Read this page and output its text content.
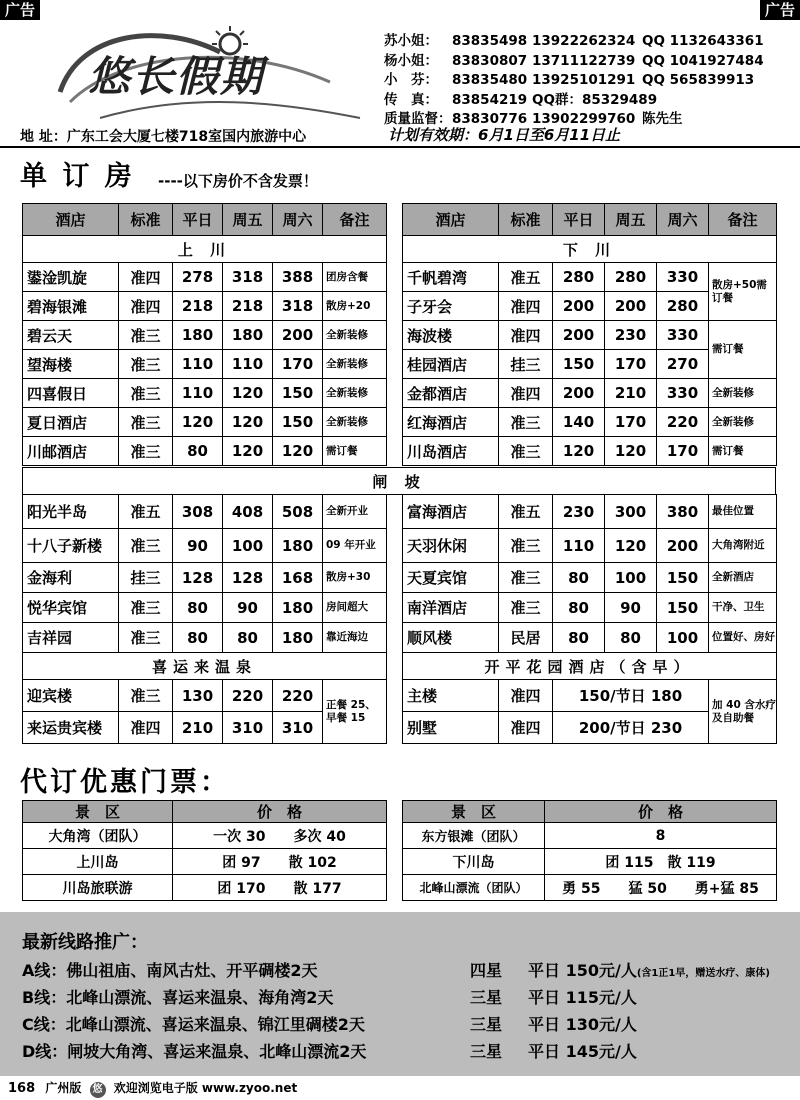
广告	广告
悠长假期
苏小姐：	83835498 13922262324 QQ 1132643361
杨小姐：	83830807 13711122739 QQ 1041927484
小　芬：	83835480 13925101291 QQ 565839913
传　真：	83854219 QQ群：85329489
质量监督： 83830776 13902299760 陈先生
地 址：广东工会大厦七楼718室国内旅游中心	计划有效期：6月1日至6月11日止
单 订 房 ----以下房价不含发票！
酒店	标准	平日	周五	周六	备注
上 川					
鍙淦凯旋	准四	278	318	388	团房含餐
碧海银滩	准四	218	218	318	散房+20
碧云天	准三	180	180	200	全新装修
望海楼	准三	110	110	170	全新装修
四喜假日	准三	110	120	150	全新装修
夏日酒店	准三	120	120	150	全新装修
川邮酒店	准三	80	120	120	需订餐
酒店	标准	平日	周五	周六	备注
下 川					
千帆碧湾	准五	280	280	330	散房+50需订餐
子牙会	准四	200	200	280	
海波楼	准四	200	230	330	需订餐
桂园酒店	挂三	150	170	270	
金都酒店	准四	200	210	330	全新装修
红海酒店	准三	140	170	220	全新装修
川岛酒店	准三	120	120	170	需订餐
闸 坡
阳光半岛	准五	308	408	508	全新开业
十八子新楼	准三	90	100	180	09 年开业
金海利	挂三	128	128	168	散房+30
悦华宾馆	准三	80	90	180	房间超大
吉祥园	准三	80	80	180	靠近海边
喜运来温泉					
迎宾楼	准三	130	220	220	正餐 25、早餐 15
来运贵宾楼	准四	210	310	310	
富海酒店	准五	230	300	380	最佳位置
天羽休闲	准三	110	120	200	大角湾附近
天夏宾馆	准三	80	100	150	全新酒店
南洋酒店	准三	80	90	150	干净、卫生
顺风楼	民居	80	80	100	位置好、房好
开平花园酒店（含早）					
主楼	准四	150/节日 180			加 40 含水疗及自助餐
别墅	准四	200/节日 230			
代订优惠门票：
景　区	价　格
大角湾（团队）	一次 30　　多次 40
上川岛	团 97　　散 102
川岛旅联游	团 170　　散 177
景　区	价　格
东方银滩（团队）	8
下川岛	团 115　散 119
北峰山漂流（团队）	勇 55　　猛 50　　勇+猛 85
最新线路推广：
A线：佛山祖庙、南风古灶、开平碉楼2天	四星 平日 150元/人(含1正1早，赠送水疗、康体)
B线：北峰山漂流、喜运来温泉、海角湾2天	三星 平日 115元/人
C线：北峰山漂流、喜运来温泉、锦江里碉楼2天	三星 平日 130元/人
D线：闸坡大角湾、喜运来温泉、北峰山漂流2天	三星 平日 145元/人
168 广州版 悠 欢迎浏览电子版 www.zyoo.net
